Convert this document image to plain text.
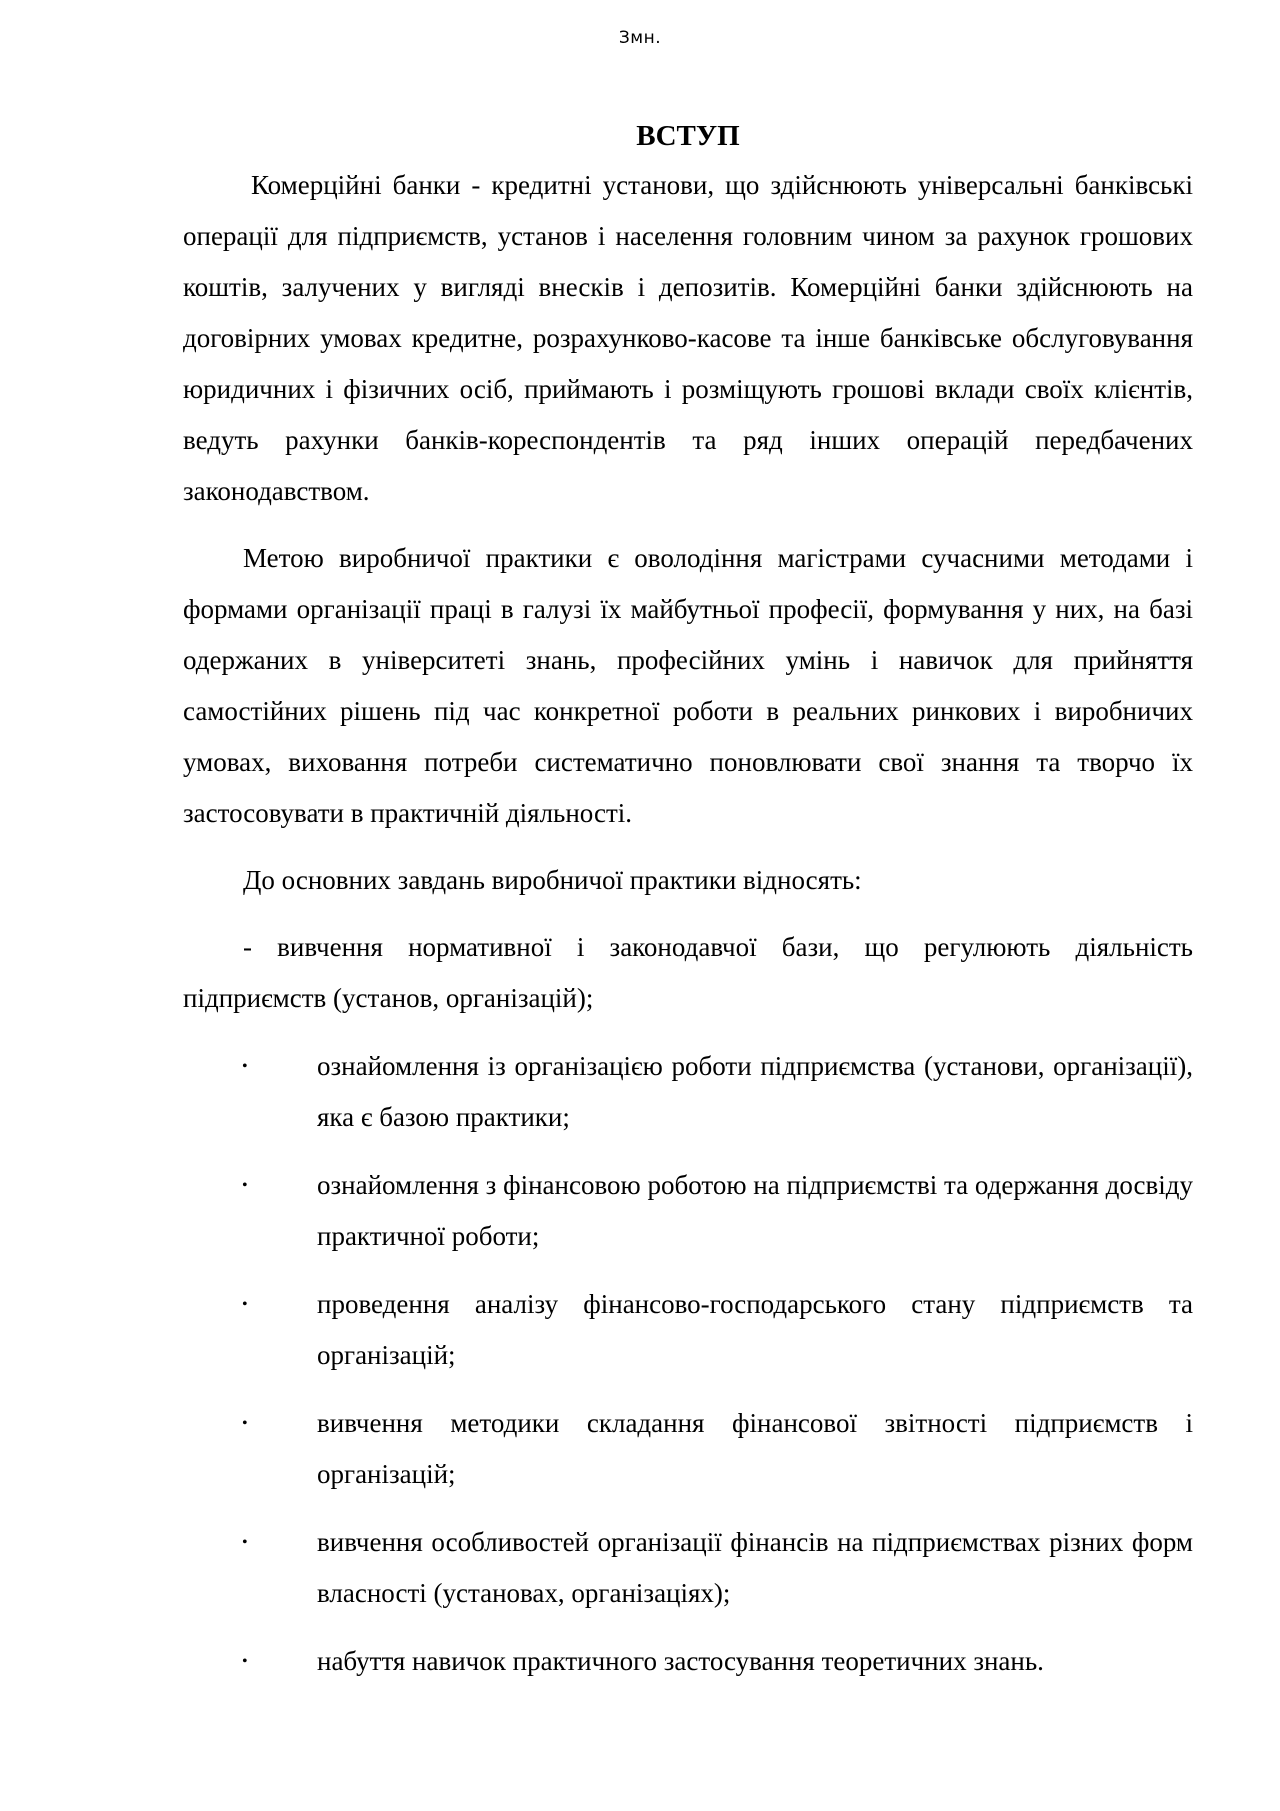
Змн.
ВСТУП

Комерційні банки - кредитні установи, що здійснюють універсальні банківські операції для підприємств, установ і населення головним чином за рахунок грошових коштів, залучених у вигляді внесків і депозитів. Комерційні банки здійснюють на договірних умовах кредитне, розрахунково-касове та інше банківське обслуговування юридичних і фізичних осіб, приймають і розміщують грошові вклади своїх клієнтів, ведуть рахунки банків-кореспондентів та ряд інших операцій передбачених законодавством.

Метою виробничої практики є оволодіння магістрами сучасними методами і формами організації праці в галузі їх майбутньої професії, формування у них, на базі одержаних в університеті знань, професійних умінь і навичок для прийняття самостійних рішень під час конкретної роботи в реальних ринкових і виробничих умовах, виховання потреби систематично поновлювати свої знання та творчо їх застосовувати в практичній діяльності.

До основних завдань виробничої практики відносять:

- вивчення нормативної і законодавчої бази, що регулюють діяльність підприємств (установ, організацій);

•	ознайомлення із організацією роботи підприємства (установи, організації), яка є базою практики;
•	ознайомлення з фінансовою роботою на підприємстві та одержання досвіду практичної роботи;
•	проведення аналізу фінансово-господарського стану підприємств та організацій;
•	вивчення методики складання фінансової звітності підприємств і організацій;
•	вивчення особливостей організації фінансів на підприємствах різних форм власності (установах, організаціях);
•	набуття навичок практичного застосування теоретичних знань.
